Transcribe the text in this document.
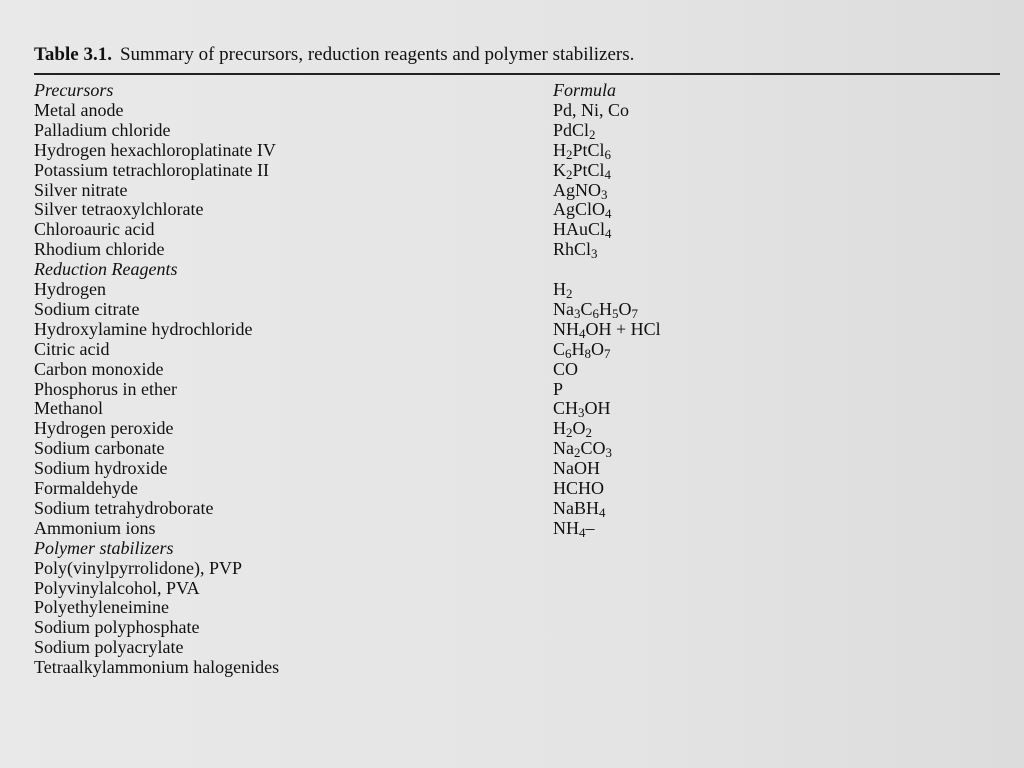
Table 3.1. Summary of precursors, reduction reagents and polymer stabilizers.
Precursors	Formula
Metal anode	Pd, Ni, Co
Palladium chloride	PdCl$_2$
Hydrogen hexachloroplatinate IV	$H_2PtCl_6$
Potassium tetrachloroplatinate II	$K_2PtCl_4$
Silver nitrate	AgNO$_3$
Silver tetraoxylchlorate	AgClO$_4$
Chloroauric acid	HAuCl$_4$
Rhodium chloride	RhCl$_3$
Reduction Reagents
Hydrogen	$H_2$
Sodium citrate	$Na_3C_6H_5O_7$
Hydroxylamine hydrochloride	$NH_4OH$ + HCl
Citric acid	$C_6H_8O_7$
Carbon monoxide	CO
Phosphorus in ether	P
Methanol	$CH_3OH$
Hydrogen peroxide	$H_2O_2$
Sodium carbonate	$Na_2CO_3$
Sodium hydroxide	NaOH
Formaldehyde	HCHO
Sodium tetrahydroborate	NaBH$_4$
Ammonium ions	$NH_4-$
Polymer stabilizers
Poly(vinylpyrrolidone), PVP
Polyvinylalcohol, PVA
Polyethyleneimine
Sodium polyphosphate
Sodium polyacrylate
Tetraalkylammonium halogenides
